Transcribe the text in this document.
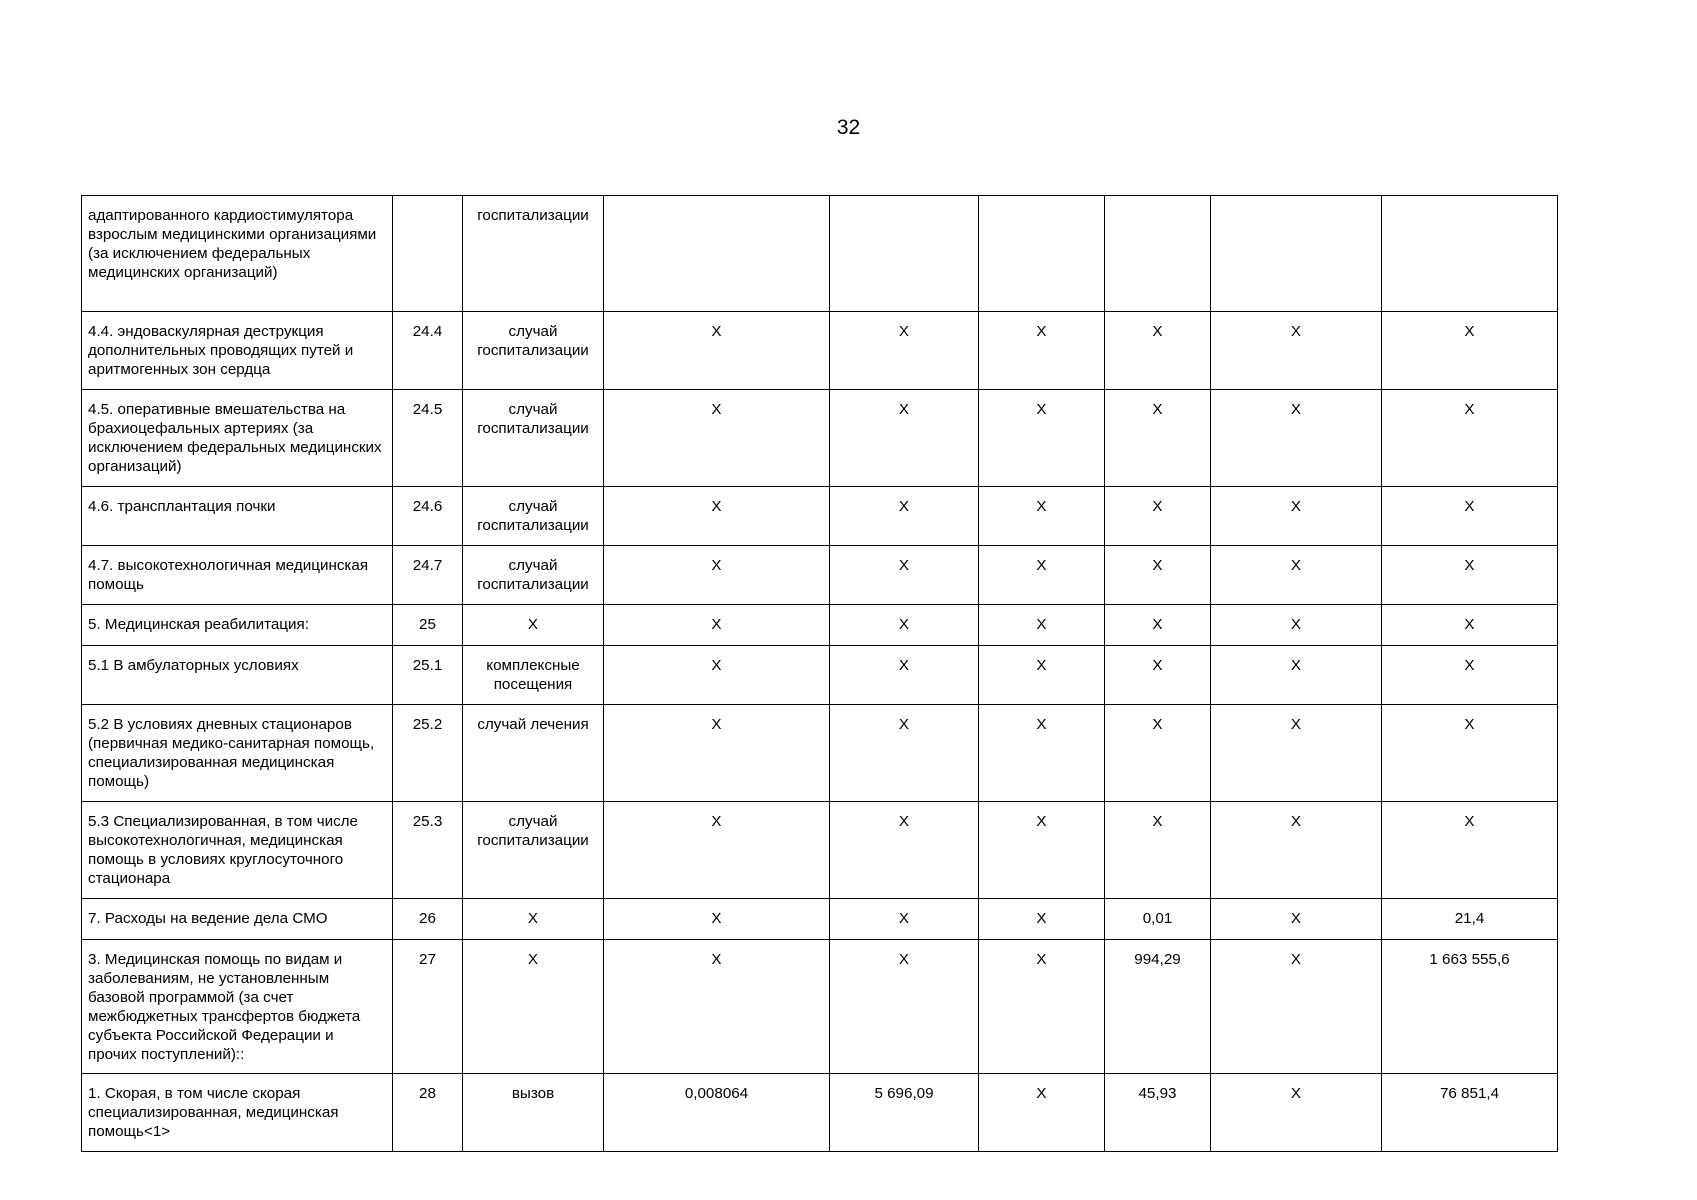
32
адаптированного кардиостимулятора взрослым медицинскими организациями (за исключением федеральных медицинских организаций)		госпитализации						
4.4. эндоваскулярная деструкция дополнительных проводящих путей и аритмогенных зон сердца	24.4	случай госпитализации	X	X	X	X	X	X
4.5. оперативные вмешательства на брахиоцефальных артериях (за исключением федеральных медицинских организаций)	24.5	случай госпитализации	X	X	X	X	X	X
4.6. трансплантация почки	24.6	случай госпитализации	X	X	X	X	X	X
4.7. высокотехнологичная медицинская помощь	24.7	случай госпитализации	X	X	X	X	X	X
5. Медицинская реабилитация:	25	X	X	X	X	X	X	X
5.1 В амбулаторных условиях	25.1	комплексные посещения	X	X	X	X	X	X
5.2 В условиях дневных стационаров (первичная медико-санитарная помощь, специализированная медицинская помощь)	25.2	случай лечения	X	X	X	X	X	X
5.3 Специализированная, в том числе высокотехнологичная, медицинская помощь в условиях круглосуточного стационара	25.3	случай госпитализации	X	X	X	X	X	X
7. Расходы на ведение дела СМО	26	X	X	X	X	0,01	X	21,4
3. Медицинская помощь по видам и заболеваниям, не установленным базовой программой (за счет межбюджетных трансфертов бюджета субъекта Российской Федерации и прочих поступлений)::	27	X	X	X	X	994,29	X	1 663 555,6
1. Скорая, в том числе скорая специализированная, медицинская помощь<1>	28	вызов	0,008064	5 696,09	X	45,93	X	76 851,4
